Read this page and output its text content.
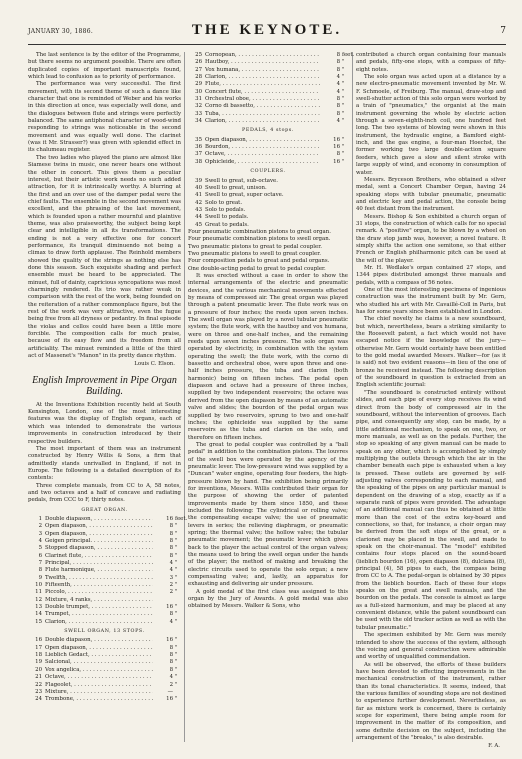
JANUARY 30, 1886.	THE KEYNOTE.	7

The last sentence is by the editor of the Programme, but there seems no argument possible. There are often duplicated copies of important manuscripts found, which lead to confusion as to priority of performance.

The performance was very successful. The first movement, with its second theme of such a dance like character that one is reminded of Weber and his works in this direction at once, was especially well done, and the dialogues between flute and strings were perfectly balanced. The same antiphonal character of wood-wind responding to strings was noticeable in the second movement and was equally well done. The clarinet (was it Mr. Strasser?) was given with splendid effect in its chalumeau register.

The two ladies who played the piano are almost like Siamese twins in music, one never hears one without the other in concert. This gives them a peculiar interest, but their artistic work needs no such added attraction, for it is intrinsically worthy. A blurring at the first and an over use of the damper pedal were the chief faults. The ensemble in the second movement was excellent, and the phrasing of the last movement, which is founded upon a rather mournful and plaintive theme, was also praiseworthy, the subject being kept clear and intelligible in all its transformations. The ending is not a very effective one for concert performance, its tranquil diminuendo not being a climax to draw forth applause. The Reinhold members showed the quality of the strings as nothing else has done this season. Such exquisite shading and perfect ensemble must be heard to be appreciated. The minuet, full of dainty, capricious syncopations was most charmingly rendered. Its trio was rather weak in comparison with the rest of the work, being founded on the reiteration of a rather commonplace figure, but the rest of the work was very attractive, even the fugue being free from all dryness or pedantry. In final episode the violas and cellos could have been a little more forcible. The composition calls for much praise, because of its easy flow and its freedom from all artificiality. The minuet reminded a little of the third act of Massenet's "Manon" in its pretty dance rhythm.

Louis C. Elson.
English Improvement in Pipe Organ Building.

At the Inventions Exhibition recently held at South Kensington, London, one of the most interesting features was the display of English organs, each of which was intended to demonstrate the various improvements in construction introduced by their respective builders.

The most important of them was an instrument constructed by Henry Willis & Sons, a firm that admittedly stands unrivalled in England, if not in Europe. The following is a detailed description of its contents:

Three complete manuals, from CC to A, 58 notes, and two octaves and a half of concave and radiating pedals, from CCC to F, thirty notes.

GREAT ORGAN.
1 Double diapason, . . .	16 feet.
2 Open diapason, . . .	8 "
3 Open diapason, . . .	8 "
4 Geigen principal. . . .	8 "
5 Stopped diapason, . . .	8 "
6 Clarinet flute, . . .	8 "
7 Principal, . . .	4 "
8 Flute harmonique, . . .	4 "
9 Twelfth, . . .	3 "
10 Fifteenth, . . .	2 "
11 Piccolo, . . .	2 "
12 Mixture, 4 ranks, . . .
13 Double trumpet, . . .	16 "
14 Trumpet, . . .	8 "
15 Clarion, . . .	4 "
SWELL ORGAN, 13 STOPS.
16 Double diapason, . . .	16 "
17 Open diapason, . . .	8 "
18 Lieblich Gedact, . . .	8 "
19 Salcional, . . .	8 "
20 Vox angelica, . . .	8 "
21 Octave, . . .	4 "
22 Flageolet, . . .	2 "
23 Mixture, . . .	—
24 Trombone, . . .	16 "
25 Cornopean, . . .	8 feet.
26 Hautboy, . . .	8 "
27 Vox humana, . . .	8 "
28 Clarion, . . .	4 "
29 Flute, . . .	4 "
30 Concert flute, . . .	4 "
31 Orchestral oboe, . . .	8 "
32 Corno di bassetto, . . .	8 "
33 Tuba, . . .	8 "
34 Clarion, . . .	4 "
PEDALS, 4 stops.
35 Open diapason, . . .	16 "
36 Bourdon, . . .	16 "
37 Octave, . . .	8 "
38 Ophicleide, . . .	16 "
COUPLERS.
39 Swell to great, sub-octave.
40 Swell to great, unison.
41 Swell to great, super octave.
42 Solo to great.
43 Solo to pedals.
44 Swell to pedals.
45 Great to pedals.

Four pneumatic combination pistons to great organ.

Four pneumatic combination pistons to swell organ.

Two pneumatic pistons to great to pedal coupler.

Two pneumatic pistons to swell to great coupler.

Four composition pedals to great and pedal organs.

One double-acting pedal to great to pedal coupler.

It was erected without a case in order to show the internal arrangements of the electric and pneumatic devices, and the various mechanical movements effected by means of compressed air. The great organ was played through a patent pneumatic lever. The flute work was on a pressure of four inches; the reeds upon seven inches. The swell organ was played by a novel tubular pneumatic system; the flute work, with the hautboy and vox humana, were on three and one-half inches, and the remaining reeds upon seven inches pressure. The solo organ was operated by electricity, in combination with the system operating the swell; the flute work, with the corno di bassetto and orchestral oboe, were upon three and one-half inches pressure, the tuba and clarion (both harmonic) being on fifteen inches. The pedal open diapason and octave had a pressure of three inches, supplied by two independent reservoirs; the octave was derived from the open diapason by means of an automatic valve and slides; the bourdon of the pedal organ was supplied by two reservoirs, sprung to two and one-half inches; the ophicleide was supplied by the same reservoirs as the tuba and clarion on the solo, and therefore on fifteen inches.

The great to pedal coupler was controlled by a "ball pedal" in addition to the combination pistons. The louvres of the swell box were operated by the agency of the pneumatic lever. The low-pressure wind was supplied by a "Duncan" water engine, operating four feeders, the high-pressure blown by hand. The exhibition being primarily for inventions, Messrs. Willis contributed their organ for the purpose of showing the order of patented improvements made by them since 1850, and these included the following: The cylindrical or rolling valve; the compensating escape valve; the use of pneumatic levers in series; the relieving diaphragm, or pneumatic spring; the thermal valve; the hollow valve; the tubular pneumatic movement; the pneumatic lever which gives back to the player the actual control of the organ valves; the means used to bring the swell organ under the hands of the player; the method of making and breaking the electric circuits used to operate the solo organ; a new compensating valve; and, lastly, an apparatus for exhausting and delivering air under pressure.

A gold medal of the first class was assigned to this organ by the Jury of Awards. A gold medal was also obtained by Messrs. Walker & Sons, who

contributed a church organ containing four manuals and pedals, fifty-one stops, with a compass of fifty-eight notes.

The solo organ was acted upon at a distance by a new electro-pneumatic movement invented by Mr. W. F. Schmoele, of Freiburg. The manual, draw-stop and swell-shutter action of this solo organ were worked by a train of "pneumatics," the organist at the main instrument governing the whole by electric action through a seven-eighth-inch coil, one hundred feet long. The two systems of blowing were shown in this instrument, the hydraulic engine, a Bamford eight-inch, and the gas engine, a four-man Hoechst, the former working two large double-action square feeders, which gave a slow and silent stroke with large supply of wind, and economy in consumption of water.

Messrs. Bryceson Brothers, who obtained a silver medal, sent a Concert Chamber Organ, having 24 speaking stops with tubular pneumatic, pneumatic and electric key and pedal action, the console being 40 feet distant from the instrument.

Messrs. Bishop & Son exhibited a church organ of 31 stops, the construction of which calls for no special remark. A "positive" organ, to be blown by a wheel on the draw stop jamb was, however, a novel feature. It simply shifts the action one semitone, so that either French or English philharmonic pitch can be used at the will of the player.

Mr. H. Wedlake's organ contained 27 stops, and 1344 pipes distributed amongst three manuals and pedals, with a compass of 56 notes.

One of the most interesting specimens of ingenious construction was the instrument built by Mr. Gern, who studied his art with Mr. Cavaillé-Coll in Paris, but has for some years since been established in London.

The chief novelty he claims is a new soundboard, but which, nevertheless, bears a striking similarity to the Roosevelt patent, a fact which would not have escaped notice if the knowledge of the jury—otherwise Mr. Gern would certainly have been entitled to the gold medal awarded Messrs. Walker—for (as it is said) not two evident reasons—in lieu of the one of bronze he received instead. The following description of the soundboard in question is extracted from an English scientific journal:

"The soundboard is constructed entirely without slides, and each pipe of every stop receives its wind direct from the body of compressed air in the soundboard, without the intervention of grooves. Each pipe, and consequently any stop, can be made, by a little additional mechanism, to speak on one, two, or more manuals, as well as on the pedals. Further, the stop so speaking of any given manual can be made to speak on any other, which is accomplished by simply multiplying the outlets through which the air in the chamber beneath each pipe is exhausted when a key is pressed. These outlets are governed by self-adjusting valves corresponding to each manual, and the speaking of the pipes on any particular manual is dependent on the drawing of a stop, exactly as if a separate rank of pipes were provided. The advantage of an additional manual can thus be obtained at little more than the cost of the extra key-board and connections, so that, for instance, a choir organ may be derived from the soft stops of the great, or a clarionet may be placed in the swell, and made to speak on the choir-manual. The "model" exhibited contains four stops placed on the sound-board (lieblich bourdon (16), open diapason (8), dulciana (8), principal (4), 58 pipes to each, the compass being from CC to A. The pedal-organ is obtained by 30 pipes from the lieblich bourdon. Each of these four stops speaks on the great and swell manuals, and the bourdon on the pedals. The console is almost as large as a full-sized harmonium, and may be placed at any convenient distance, while the patent soundboard can be used with the old tracker action as well as with the tubular pneumatic."

The specimen exhibited by Mr. Gern was merely intended to show the success of the system, although the voicing and general construction were admirable and worthy of unqualified commendation.

As will be observed, the efforts of these builders have been devoted to effecting improvements in the mechanical construction of the instrument, rather than its tonal characteristics. It seems, indeed, that the various families of sounding stops are not destined to experience further development. Nevertheless, as far as mixture work is concerned, there is certainly scope for experiment, there being ample room for improvement in the matter of its composition, and some definite decision on the subject, including the arrangement of the "breaks," is also desirable.

F. A.
